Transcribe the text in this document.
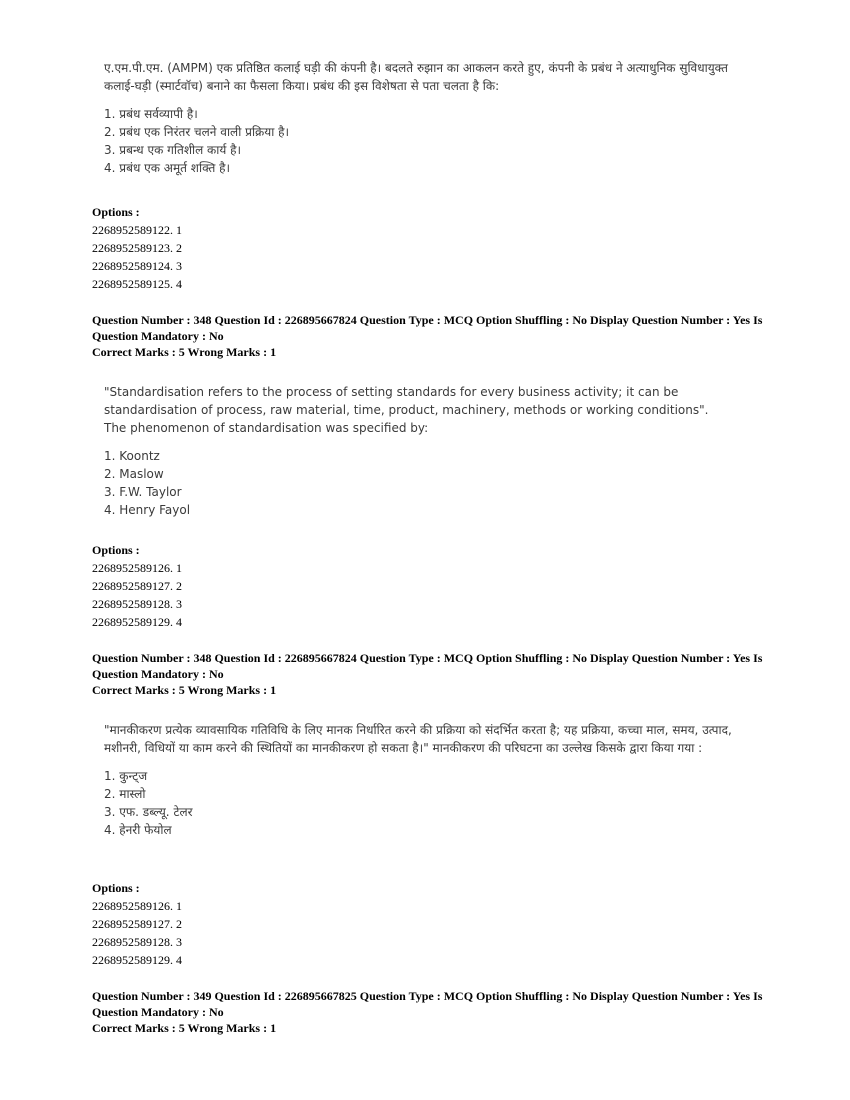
ए.एम.पी.एम. (AMPM) एक प्रतिष्ठित कलाई घड़ी की कंपनी है। बदलते रुझान का आकलन करते हुए, कंपनी के प्रबंध ने अत्याधुनिक सुविधायुक्त कलाई-घड़ी (स्मार्टवॉच) बनाने का फैसला किया। प्रबंध की इस विशेषता से पता चलता है कि:

1. प्रबंध सर्वव्यापी है।

2. प्रबंध एक निरंतर चलने वाली प्रक्रिया है।

3. प्रबन्ध एक गतिशील कार्य है।

4. प्रबंध एक अमूर्त शक्ति है।

Options :
2268952589122. 1
2268952589123. 2
2268952589124. 3
2268952589125. 4
Question Number : 348 Question Id : 226895667824 Question Type : MCQ Option Shuffling : No Display Question Number : Yes Is Question Mandatory : No
Correct Marks : 5 Wrong Marks : 1

"Standardisation refers to the process of setting standards for every business activity; it can be standardisation of process, raw material, time, product, machinery, methods or working conditions". The phenomenon of standardisation was specified by:

1. Koontz

2. Maslow

3. F.W. Taylor

4. Henry Fayol

Options :
2268952589126. 1
2268952589127. 2
2268952589128. 3
2268952589129. 4
Question Number : 348 Question Id : 226895667824 Question Type : MCQ Option Shuffling : No Display Question Number : Yes Is Question Mandatory : No
Correct Marks : 5 Wrong Marks : 1

"मानकीकरण प्रत्येक व्यावसायिक गतिविधि के लिए मानक निर्धारित करने की प्रक्रिया को संदर्भित करता है; यह प्रक्रिया, कच्चा माल, समय, उत्पाद, मशीनरी, विधियों या काम करने की स्थितियों का मानकीकरण हो सकता है।" मानकीकरण की परिघटना का उल्लेख किसके द्वारा किया गया :

1. कुन्ट्ज

2. मास्लो

3. एफ. डब्ल्यू. टेलर

4. हेनरी फेयोल

Options :
2268952589126. 1
2268952589127. 2
2268952589128. 3
2268952589129. 4
Question Number : 349 Question Id : 226895667825 Question Type : MCQ Option Shuffling : No Display Question Number : Yes Is Question Mandatory : No
Correct Marks : 5 Wrong Marks : 1
